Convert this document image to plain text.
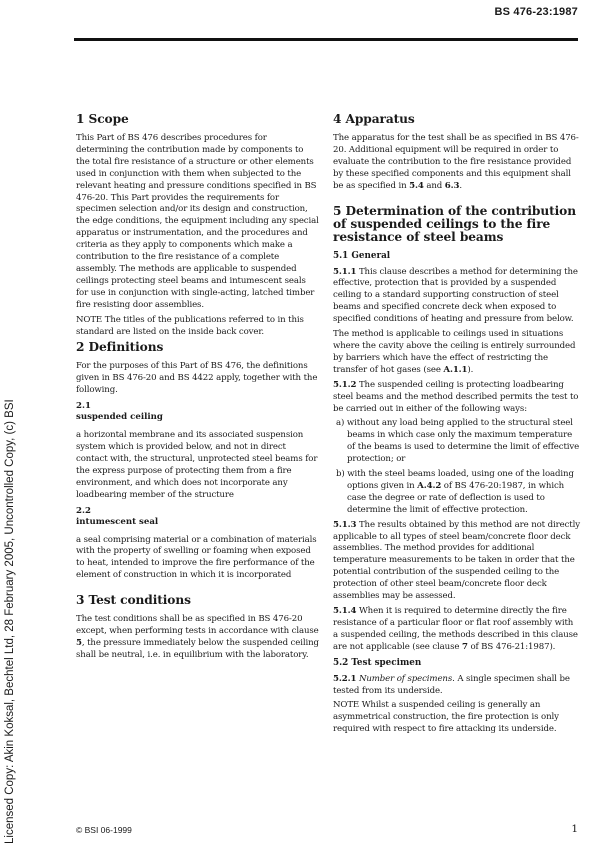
BS 476-23:1987
Licensed Copy: Akin Koksal, Bechtel Ltd, 28 February 2005, Uncontrolled Copy, (c) BSI
1 Scope

This Part of BS 476 describes procedures for determining the contribution made by components to the total fire resistance of a structure or other elements used in conjunction with them when subjected to the relevant heating and pressure conditions specified in BS 476-20. This Part provides the requirements for specimen selection and/or its design and construction, the edge conditions, the equipment including any special apparatus or instrumentation, and the procedures and criteria as they apply to components which make a contribution to the fire resistance of a complete assembly. The methods are applicable to suspended ceilings protecting steel beams and intumescent seals for use in conjunction with single-acting, latched timber fire resisting door assemblies.

NOTE The titles of the publications referred to in this standard are listed on the inside back cover.

2 Definitions

For the purposes of this Part of BS 476, the definitions given in BS 476-20 and BS 4422 apply, together with the following.

2.1
suspended ceiling

a horizontal membrane and its associated suspension system which is provided below, and not in direct contact with, the structural, unprotected steel beams for the express purpose of protecting them from a fire environment, and which does not incorporate any loadbearing member of the structure

2.2
intumescent seal

a seal comprising material or a combination of materials with the property of swelling or foaming when exposed to heat, intended to improve the fire performance of the element of construction in which it is incorporated

3 Test conditions

The test conditions shall be as specified in BS 476-20 except, when performing tests in accordance with clause 5, the pressure immediately below the suspended ceiling shall be neutral, i.e. in equilibrium with the laboratory.

4 Apparatus

The apparatus for the test shall be as specified in BS 476-20. Additional equipment will be required in order to evaluate the contribution to the fire resistance provided by these specified components and this equipment shall be as specified in 5.4 and 6.3.

5 Determination of the contribution of suspended ceilings to the fire resistance of steel beams
5.1 General

5.1.1 This clause describes a method for determining the effective, protection that is provided by a suspended ceiling to a standard supporting construction of steel beams and specified concrete deck when exposed to specified conditions of heating and pressure from below.

The method is applicable to ceilings used in situations where the cavity above the ceiling is entirely surrounded by barriers which have the effect of restricting the transfer of hot gases (see A.1.1).

5.1.2 The suspended ceiling is protecting loadbearing steel beams and the method described permits the test to be carried out in either of the following ways:

a) without any load being applied to the structural steel beams in which case only the maximum temperature of the beams is used to determine the limit of effective protection; or

b) with the steel beams loaded, using one of the loading options given in A.4.2 of BS 476-20:1987, in which case the degree or rate of deflection is used to determine the limit of effective protection.

5.1.3 The results obtained by this method are not directly applicable to all types of steel beam/concrete floor deck assemblies. The method provides for additional temperature measurements to be taken in order that the potential contribution of the suspended ceiling to the protection of other steel beam/concrete floor deck assemblies may be assessed.

5.1.4 When it is required to determine directly the fire resistance of a particular floor or flat roof assembly with a suspended ceiling, the methods described in this clause are not applicable (see clause 7 of BS 476-21:1987).

5.2 Test specimen

5.2.1 Number of specimens. A single specimen shall be tested from its underside.

NOTE Whilst a suspended ceiling is generally an asymmetrical construction, the fire protection is only required with respect to fire attacking its underside.

© BSI 06-1999	1
